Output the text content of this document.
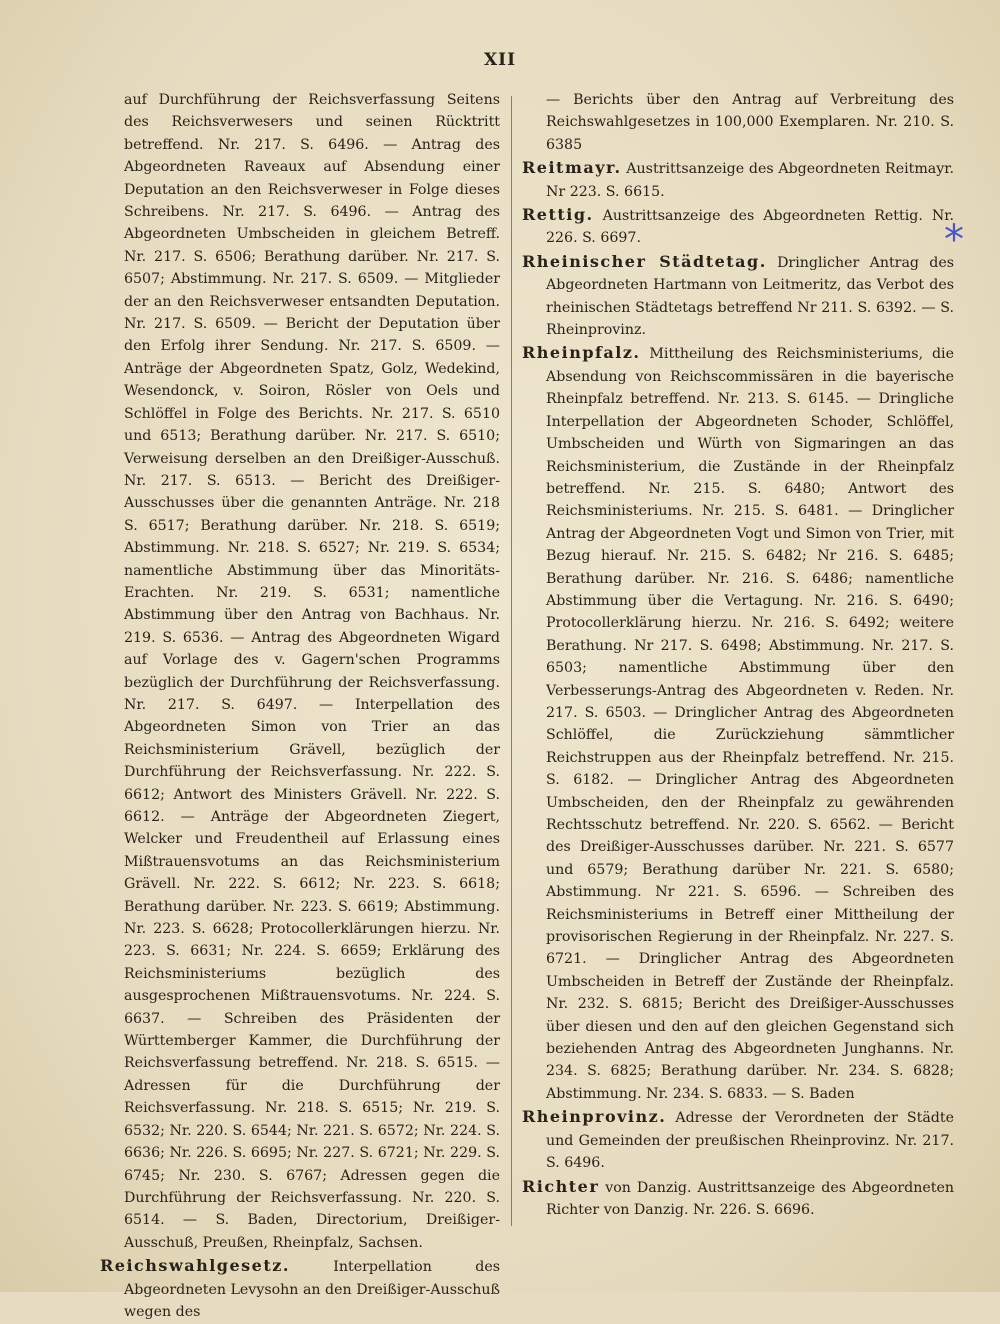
XII

auf Durchführung der Reichsverfassung Seitens des Reichsverwesers und seinen Rücktritt betreffend. Nr. 217. S. 6496. — Antrag des Abgeordneten Raveaux auf Absendung einer Deputation an den Reichsverweser in Folge dieses Schreibens. Nr. 217. S. 6496. — Antrag des Abgeordneten Umbscheiden in gleichem Betreff. Nr. 217. S. 6506; Berathung darüber. Nr. 217. S. 6507; Abstimmung. Nr. 217. S. 6509. — Mitglieder der an den Reichsverweser entsandten Deputation. Nr. 217. S. 6509. — Bericht der Deputation über den Erfolg ihrer Sendung. Nr. 217. S. 6509. — Anträge der Abgeordneten Spatz, Golz, Wedekind, Wesendonck, v. Soiron, Rösler von Oels und Schlöffel in Folge des Berichts. Nr. 217. S. 6510 und 6513; Berathung darüber. Nr. 217. S. 6510; Verweisung derselben an den Dreißiger-Ausschuß. Nr. 217. S. 6513. — Bericht des Dreißiger-Ausschusses über die genannten Anträge. Nr. 218 S. 6517; Berathung darüber. Nr. 218. S. 6519; Abstimmung. Nr. 218. S. 6527; Nr. 219. S. 6534; namentliche Abstimmung über das Minoritäts-Erachten. Nr. 219. S. 6531; namentliche Abstimmung über den Antrag von Bachhaus. Nr. 219. S. 6536. — Antrag des Abgeordneten Wigard auf Vorlage des v. Gagern'schen Programms bezüglich der Durchführung der Reichsverfassung. Nr. 217. S. 6497. — Interpellation des Abgeordneten Simon von Trier an das Reichsministerium Grävell, bezüglich der Durchführung der Reichsverfassung. Nr. 222. S. 6612; Antwort des Ministers Grävell. Nr. 222. S. 6612. — Anträge der Abgeordneten Ziegert, Welcker und Freudentheil auf Erlassung eines Mißtrauensvotums an das Reichsministerium Grävell. Nr. 222. S. 6612; Nr. 223. S. 6618; Berathung darüber. Nr. 223. S. 6619; Abstimmung. Nr. 223. S. 6628; Protocollerklärungen hierzu. Nr. 223. S. 6631; Nr. 224. S. 6659; Erklärung des Reichsministeriums bezüglich des ausgesprochenen Mißtrauensvotums. Nr. 224. S. 6637. — Schreiben des Präsidenten der Württemberger Kammer, die Durchführung der Reichsverfassung betreffend. Nr. 218. S. 6515. — Adressen für die Durchführung der Reichsverfassung. Nr. 218. S. 6515; Nr. 219. S. 6532; Nr. 220. S. 6544; Nr. 221. S. 6572; Nr. 224. S. 6636; Nr. 226. S. 6695; Nr. 227. S. 6721; Nr. 229. S. 6745; Nr. 230. S. 6767; Adressen gegen die Durchführung der Reichsverfassung. Nr. 220. S. 6514. — S. Baden, Directorium, Dreißiger-Ausschuß, Preußen, Rheinpfalz, Sachsen.

Reichswahlgesetz.	Interpellation des Abgeordneten Levysohn an den Dreißiger-Ausschuß wegen des

— Berichts über den Antrag auf Verbreitung des Reichswahlgesetzes in 100,000 Exemplaren. Nr. 210. S. 6385

Reitmayr. Austrittsanzeige des Abgeordneten Reitmayr. Nr 223. S. 6615.

Rettig. Austrittsanzeige des Abgeordneten Rettig. Nr. 226. S. 6697.

Rheinischer Städtetag. Dringlicher Antrag des Abgeordneten Hartmann von Leitmeritz, das Verbot des rheinischen Städtetags betreffend Nr 211. S. 6392. — S. Rheinprovinz.

Rheinpfalz. Mittheilung des Reichsministeriums, die Absendung von Reichscommissären in die bayerische Rheinpfalz betreffend. Nr. 213. S. 6145. — Dringliche Interpellation der Abgeordneten Schoder, Schlöffel, Umbscheiden und Würth von Sigmaringen an das Reichsministerium, die Zustände in der Rheinpfalz betreffend. Nr. 215. S. 6480; Antwort des Reichsministeriums. Nr. 215. S. 6481. — Dringlicher Antrag der Abgeordneten Vogt und Simon von Trier, mit Bezug hierauf. Nr. 215. S. 6482; Nr 216. S. 6485; Berathung darüber. Nr. 216. S. 6486; namentliche Abstimmung über die Vertagung. Nr. 216. S. 6490; Protocollerklärung hierzu. Nr. 216. S. 6492; weitere Berathung. Nr 217. S. 6498; Abstimmung. Nr. 217. S. 6503; namentliche Abstimmung über den Verbesserungs-Antrag des Abgeordneten v. Reden. Nr. 217. S. 6503. — Dringlicher Antrag des Abgeordneten Schlöffel, die Zurückziehung sämmtlicher Reichstruppen aus der Rheinpfalz betreffend. Nr. 215. S. 6182. — Dringlicher Antrag des Abgeordneten Umbscheiden, den der Rheinpfalz zu gewährenden Rechtsschutz betreffend. Nr. 220. S. 6562. — Bericht des Dreißiger-Ausschusses darüber. Nr. 221. S. 6577 und 6579; Berathung darüber Nr. 221. S. 6580; Abstimmung. Nr 221. S. 6596. — Schreiben des Reichsministeriums in Betreff einer Mittheilung der provisorischen Regierung in der Rheinpfalz. Nr. 227. S. 6721. — Dringlicher Antrag des Abgeordneten Umbscheiden in Betreff der Zustände der Rheinpfalz. Nr. 232. S. 6815; Bericht des Dreißiger-Ausschusses über diesen und den auf den gleichen Gegenstand sich beziehenden Antrag des Abgeordneten Junghanns. Nr. 234. S. 6825; Berathung darüber. Nr. 234. S. 6828; Abstimmung. Nr. 234. S. 6833. — S. Baden

Rheinprovinz. Adresse der Verordneten der Städte und Gemeinden der preußischen Rheinprovinz. Nr. 217. S. 6496.

Richter von Danzig. Austrittsanzeige des Abgeordneten Richter von Danzig. Nr. 226. S. 6696.

*
